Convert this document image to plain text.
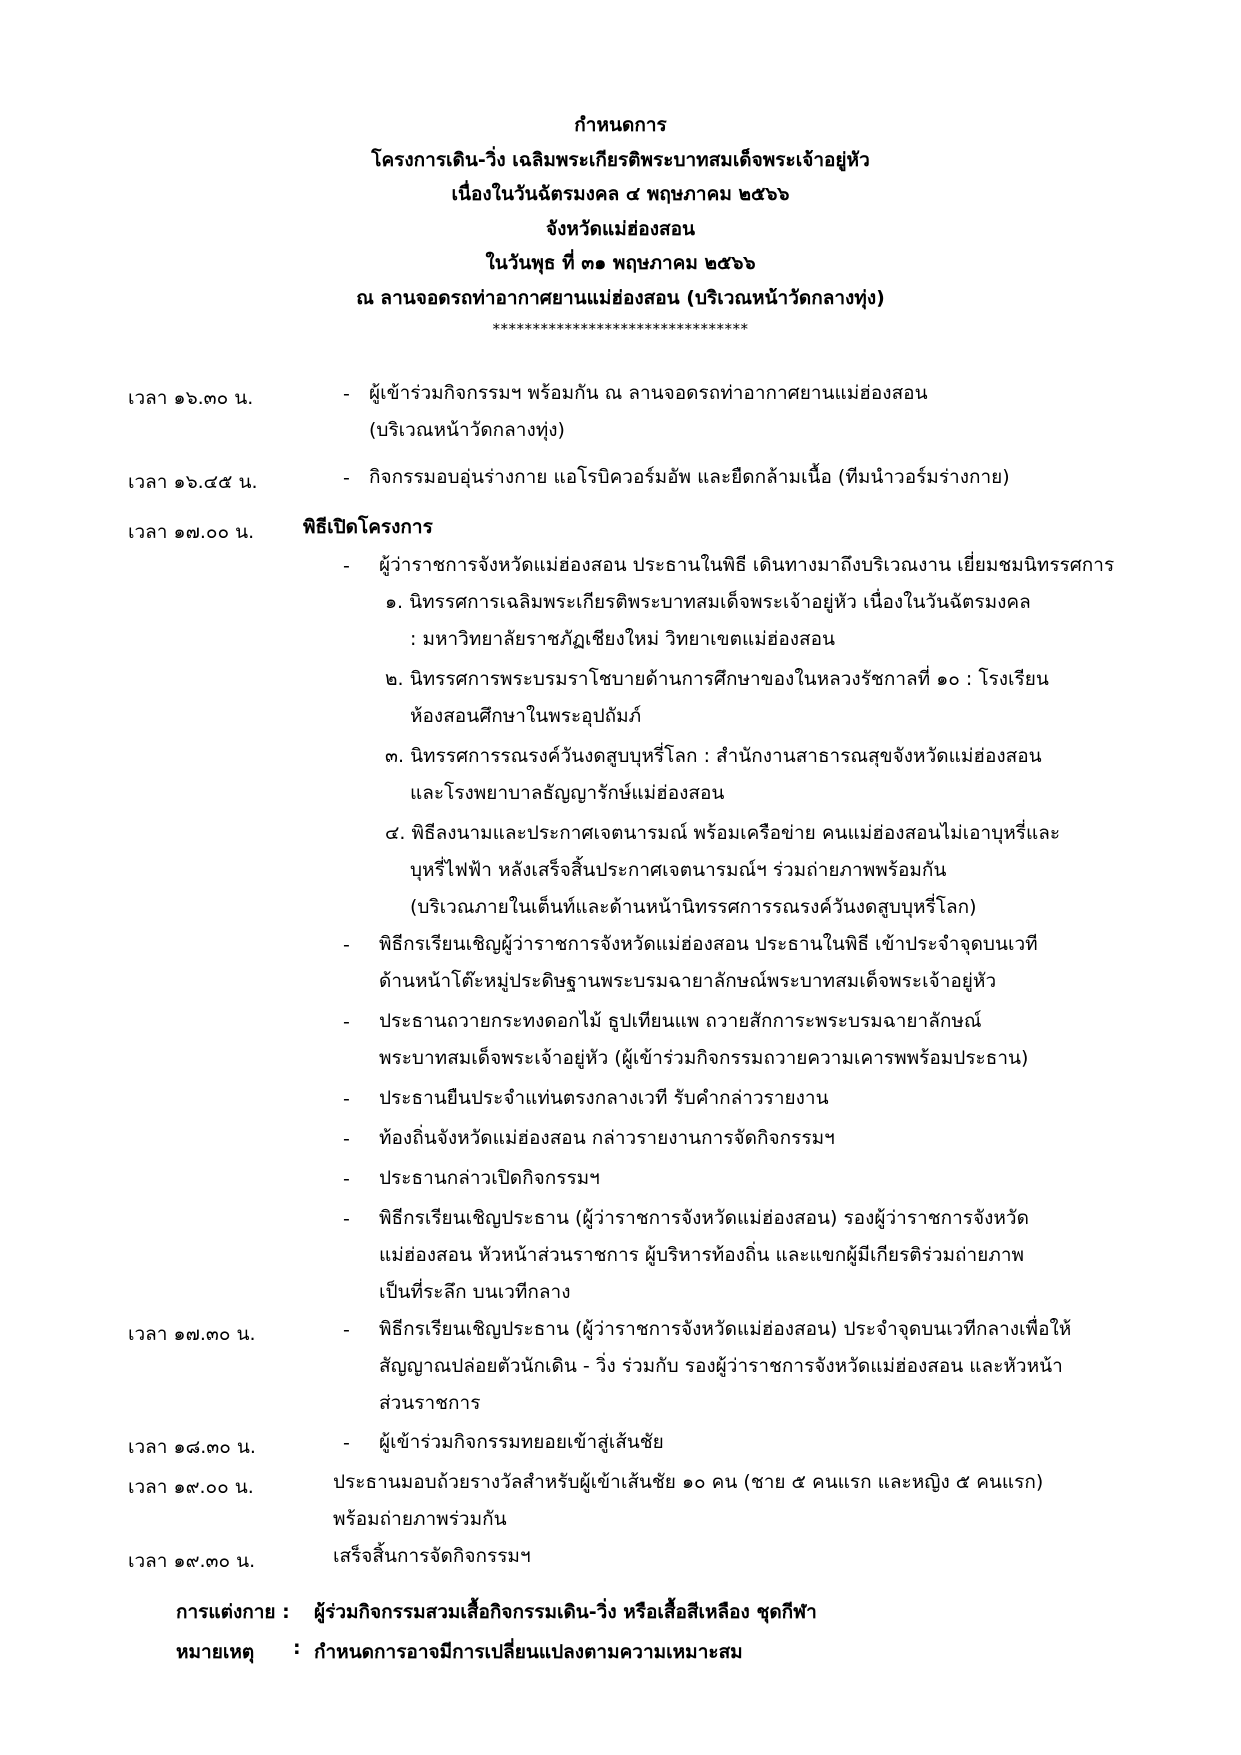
กำหนดการ
โครงการเดิน-วิ่ง เฉลิมพระเกียรติพระบาทสมเด็จพระเจ้าอยู่หัว
เนื่องในวันฉัตรมงคล ๔ พฤษภาคม ๒๕๖๖
จังหวัดแม่ฮ่องสอน
ในวันพุธ ที่ ๓๑ พฤษภาคม ๒๕๖๖
ณ ลานจอดรถท่าอากาศยานแม่ฮ่องสอน (บริเวณหน้าวัดกลางทุ่ง)
********************************
เวลา ๑๖.๓๐ น.	- ผู้เข้าร่วมกิจกรรมฯ พร้อมกัน ณ ลานจอดรถท่าอากาศยานแม่ฮ่องสอน
(บริเวณหน้าวัดกลางทุ่ง)
เวลา ๑๖.๔๕ น.	- กิจกรรมอบอุ่นร่างกาย แอโรบิควอร์มอัพ และยืดกล้ามเนื้อ (ทีมนำวอร์มร่างกาย)
เวลา ๑๗.๐๐ น.	พิธีเปิดโครงการ
- ผู้ว่าราชการจังหวัดแม่ฮ่องสอน ประธานในพิธี เดินทางมาถึงบริเวณงาน เยี่ยมชมนิทรรศการ
๑. นิทรรศการเฉลิมพระเกียรติพระบาทสมเด็จพระเจ้าอยู่หัว เนื่องในวันฉัตรมงคล
: มหาวิทยาลัยราชภัฏเชียงใหม่ วิทยาเขตแม่ฮ่องสอน
๒. นิทรรศการพระบรมราโชบายด้านการศึกษาของในหลวงรัชกาลที่ ๑๐ : โรงเรียน
ห้องสอนศึกษาในพระอุปถัมภ์
๓. นิทรรศการรณรงค์วันงดสูบบุหรี่โลก : สำนักงานสาธารณสุขจังหวัดแม่ฮ่องสอน
และโรงพยาบาลธัญญารักษ์แม่ฮ่องสอน
๔. พิธีลงนามและประกาศเจตนารมณ์ พร้อมเครือข่าย คนแม่ฮ่องสอนไม่เอาบุหรี่และ
บุหรี่ไฟฟ้า หลังเสร็จสิ้นประกาศเจตนารมณ์ฯ ร่วมถ่ายภาพพร้อมกัน
(บริเวณภายในเต็นท์และด้านหน้านิทรรศการรณรงค์วันงดสูบบุหรี่โลก)
- พิธีกรเรียนเชิญผู้ว่าราชการจังหวัดแม่ฮ่องสอน ประธานในพิธี เข้าประจำจุดบนเวที
ด้านหน้าโต๊ะหมู่ประดิษฐานพระบรมฉายาลักษณ์พระบาทสมเด็จพระเจ้าอยู่หัว
- ประธานถวายกระทงดอกไม้ ธูปเทียนแพ ถวายสักการะพระบรมฉายาลักษณ์
พระบาทสมเด็จพระเจ้าอยู่หัว (ผู้เข้าร่วมกิจกรรมถวายความเคารพพร้อมประธาน)
- ประธานยืนประจำแท่นตรงกลางเวที รับคำกล่าวรายงาน
- ท้องถิ่นจังหวัดแม่ฮ่องสอน กล่าวรายงานการจัดกิจกรรมฯ
- ประธานกล่าวเปิดกิจกรรมฯ
- พิธีกรเรียนเชิญประธาน (ผู้ว่าราชการจังหวัดแม่ฮ่องสอน) รองผู้ว่าราชการจังหวัด
แม่ฮ่องสอน หัวหน้าส่วนราชการ ผู้บริหารท้องถิ่น และแขกผู้มีเกียรติร่วมถ่ายภาพ
เป็นที่ระลึก บนเวทีกลาง
เวลา ๑๗.๓๐ น.	- พิธีกรเรียนเชิญประธาน (ผู้ว่าราชการจังหวัดแม่ฮ่องสอน) ประจำจุดบนเวทีกลางเพื่อให้
สัญญาณปล่อยตัวนักเดิน - วิ่ง ร่วมกับ รองผู้ว่าราชการจังหวัดแม่ฮ่องสอน และหัวหน้า
ส่วนราชการ
เวลา ๑๘.๓๐ น.	- ผู้เข้าร่วมกิจกรรมทยอยเข้าสู่เส้นชัย
เวลา ๑๙.๐๐ น.	ประธานมอบถ้วยรางวัลสำหรับผู้เข้าเส้นชัย ๑๐ คน (ชาย ๕ คนแรก และหญิง ๕ คนแรก)
พร้อมถ่ายภาพร่วมกัน
เวลา ๑๙.๓๐ น.	เสร็จสิ้นการจัดกิจกรรมฯ
การแต่งกาย : ผู้ร่วมกิจกรรมสวมเสื้อกิจกรรมเดิน-วิ่ง หรือเสื้อสีเหลือง ชุดกีฬา
หมายเหตุ : กำหนดการอาจมีการเปลี่ยนแปลงตามความเหมาะสม
